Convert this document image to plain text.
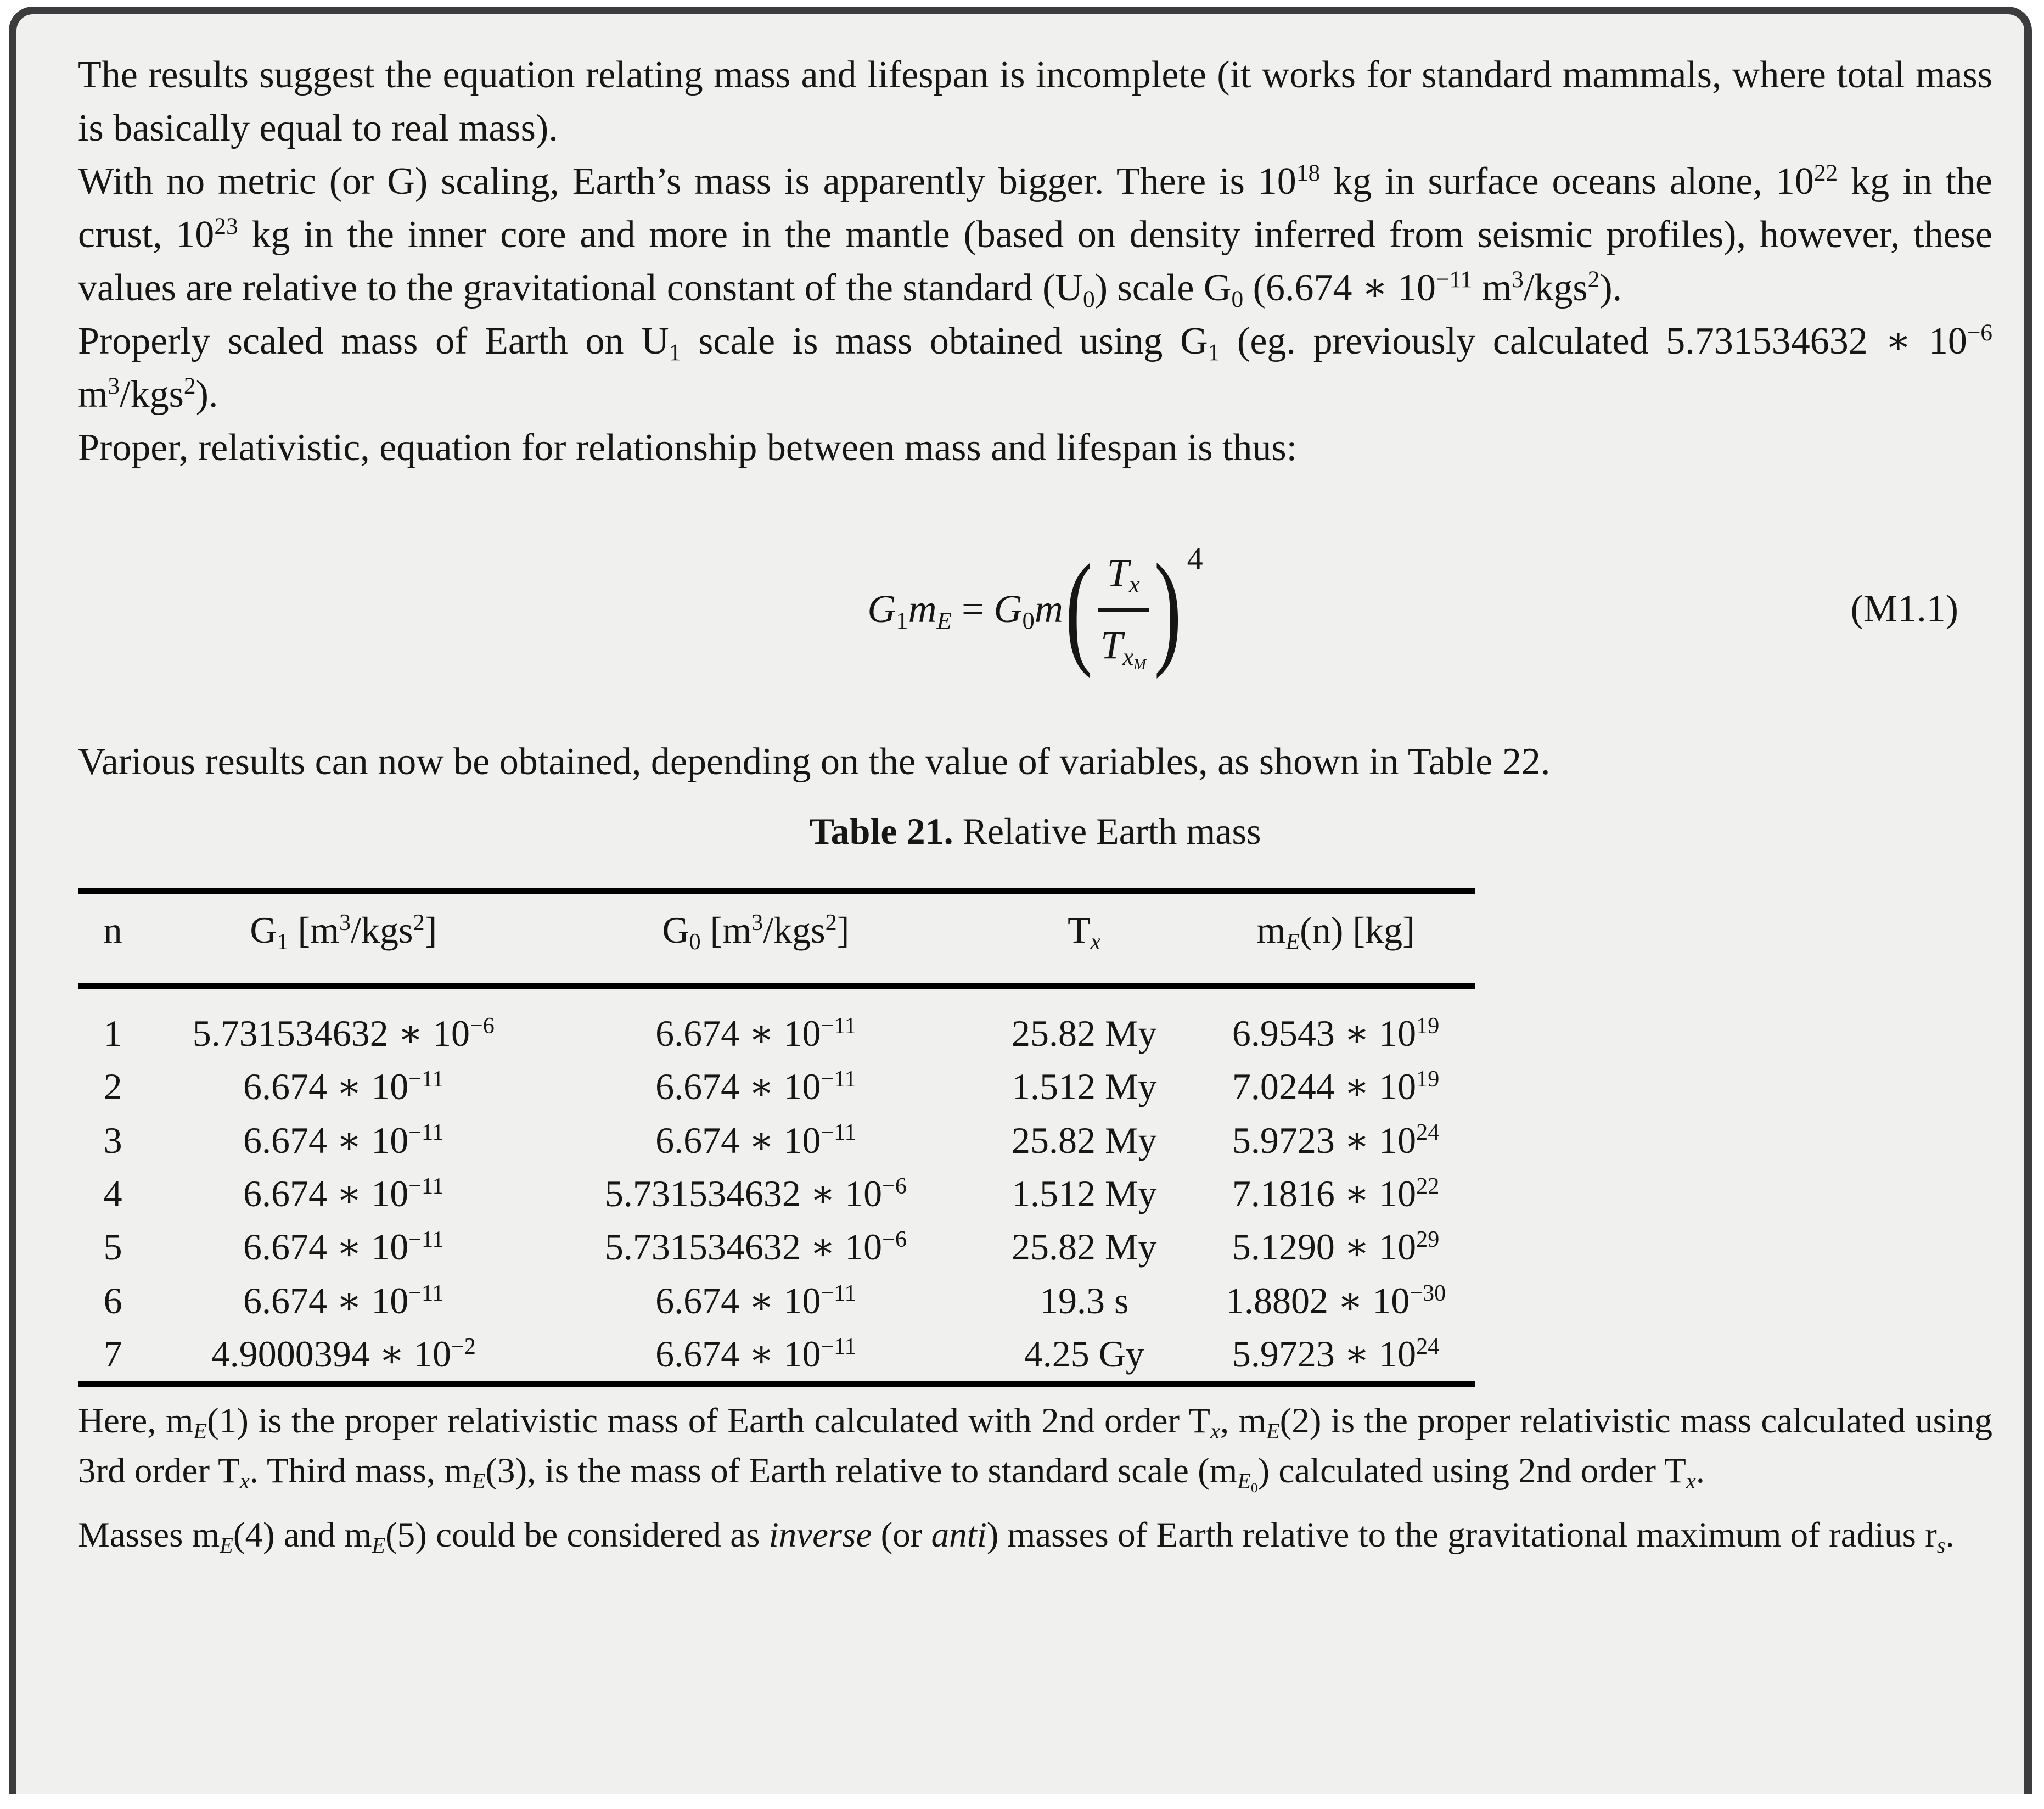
The results suggest the equation relating mass and lifespan is incomplete (it works for standard mammals, where total mass is basically equal to real mass).

With no metric (or G) scaling, Earth’s mass is apparently bigger. There is $10^{18}$ kg in surface oceans alone, $10^{22}$ kg in the crust, $10^{23}$ kg in the inner core and more in the mantle (based on density inferred from seismic profiles), however, these values are relative to the gravitational constant of the standard $(U_0)$ scale $G_0$ (6.674 ∗ $10^{-11}$ $m^3/kgs^2$).

Properly scaled mass of Earth on $U_1$ scale is mass obtained using $G_1$ (eg. previously calculated 5.731534632 ∗ $10^{-6}$ $m^3/kgs^2$).

Proper, relativistic, equation for relationship between mass and lifespan is thus:

$G_1m_E = G_0m$ ( $\frac{T_x}{T_{x_M}}$ ) 4
(M1.1)

Various results can now be obtained, depending on the value of variables, as shown in Table 22.

Table 21. Relative Earth mass
n	$G_1$ $[m^3/kgs^2]$	$G_0$ $[m^3/kgs^2]$	$T_x$	$m_E(n)$ [kg]
1	5.731534632 ∗ $10^{-6}$	6.674 ∗ $10^{-11}$	25.82 My	6.9543 ∗ $10^{19}$
2	6.674 ∗ $10^{-11}$	6.674 ∗ $10^{-11}$	1.512 My	7.0244 ∗ $10^{19}$
3	6.674 ∗ $10^{-11}$	6.674 ∗ $10^{-11}$	25.82 My	5.9723 ∗ $10^{24}$
4	6.674 ∗ $10^{-11}$	5.731534632 ∗ $10^{-6}$	1.512 My	7.1816 ∗ $10^{22}$
5	6.674 ∗ $10^{-11}$	5.731534632 ∗ $10^{-6}$	25.82 My	5.1290 ∗ $10^{29}$
6	6.674 ∗ $10^{-11}$	6.674 ∗ $10^{-11}$	19.3 s	1.8802 ∗ $10^{-30}$
7	4.9000394 ∗ $10^{-2}$	6.674 ∗ $10^{-11}$	4.25 Gy	5.9723 ∗ $10^{24}$

Here, $m_E(1)$ is the proper relativistic mass of Earth calculated with 2nd order $T_x$, $m_E(2)$ is the proper relativistic mass calculated using 3rd order $T_x$. Third mass, $m_E(3)$, is the mass of Earth relative to standard scale $(m_{E_0})$ calculated using 2nd order $T_x$.

Masses $m_E(4)$ and $m_E(5)$ could be considered as inverse (or anti) masses of Earth relative to the gravitational maximum of radius $r_s$.
